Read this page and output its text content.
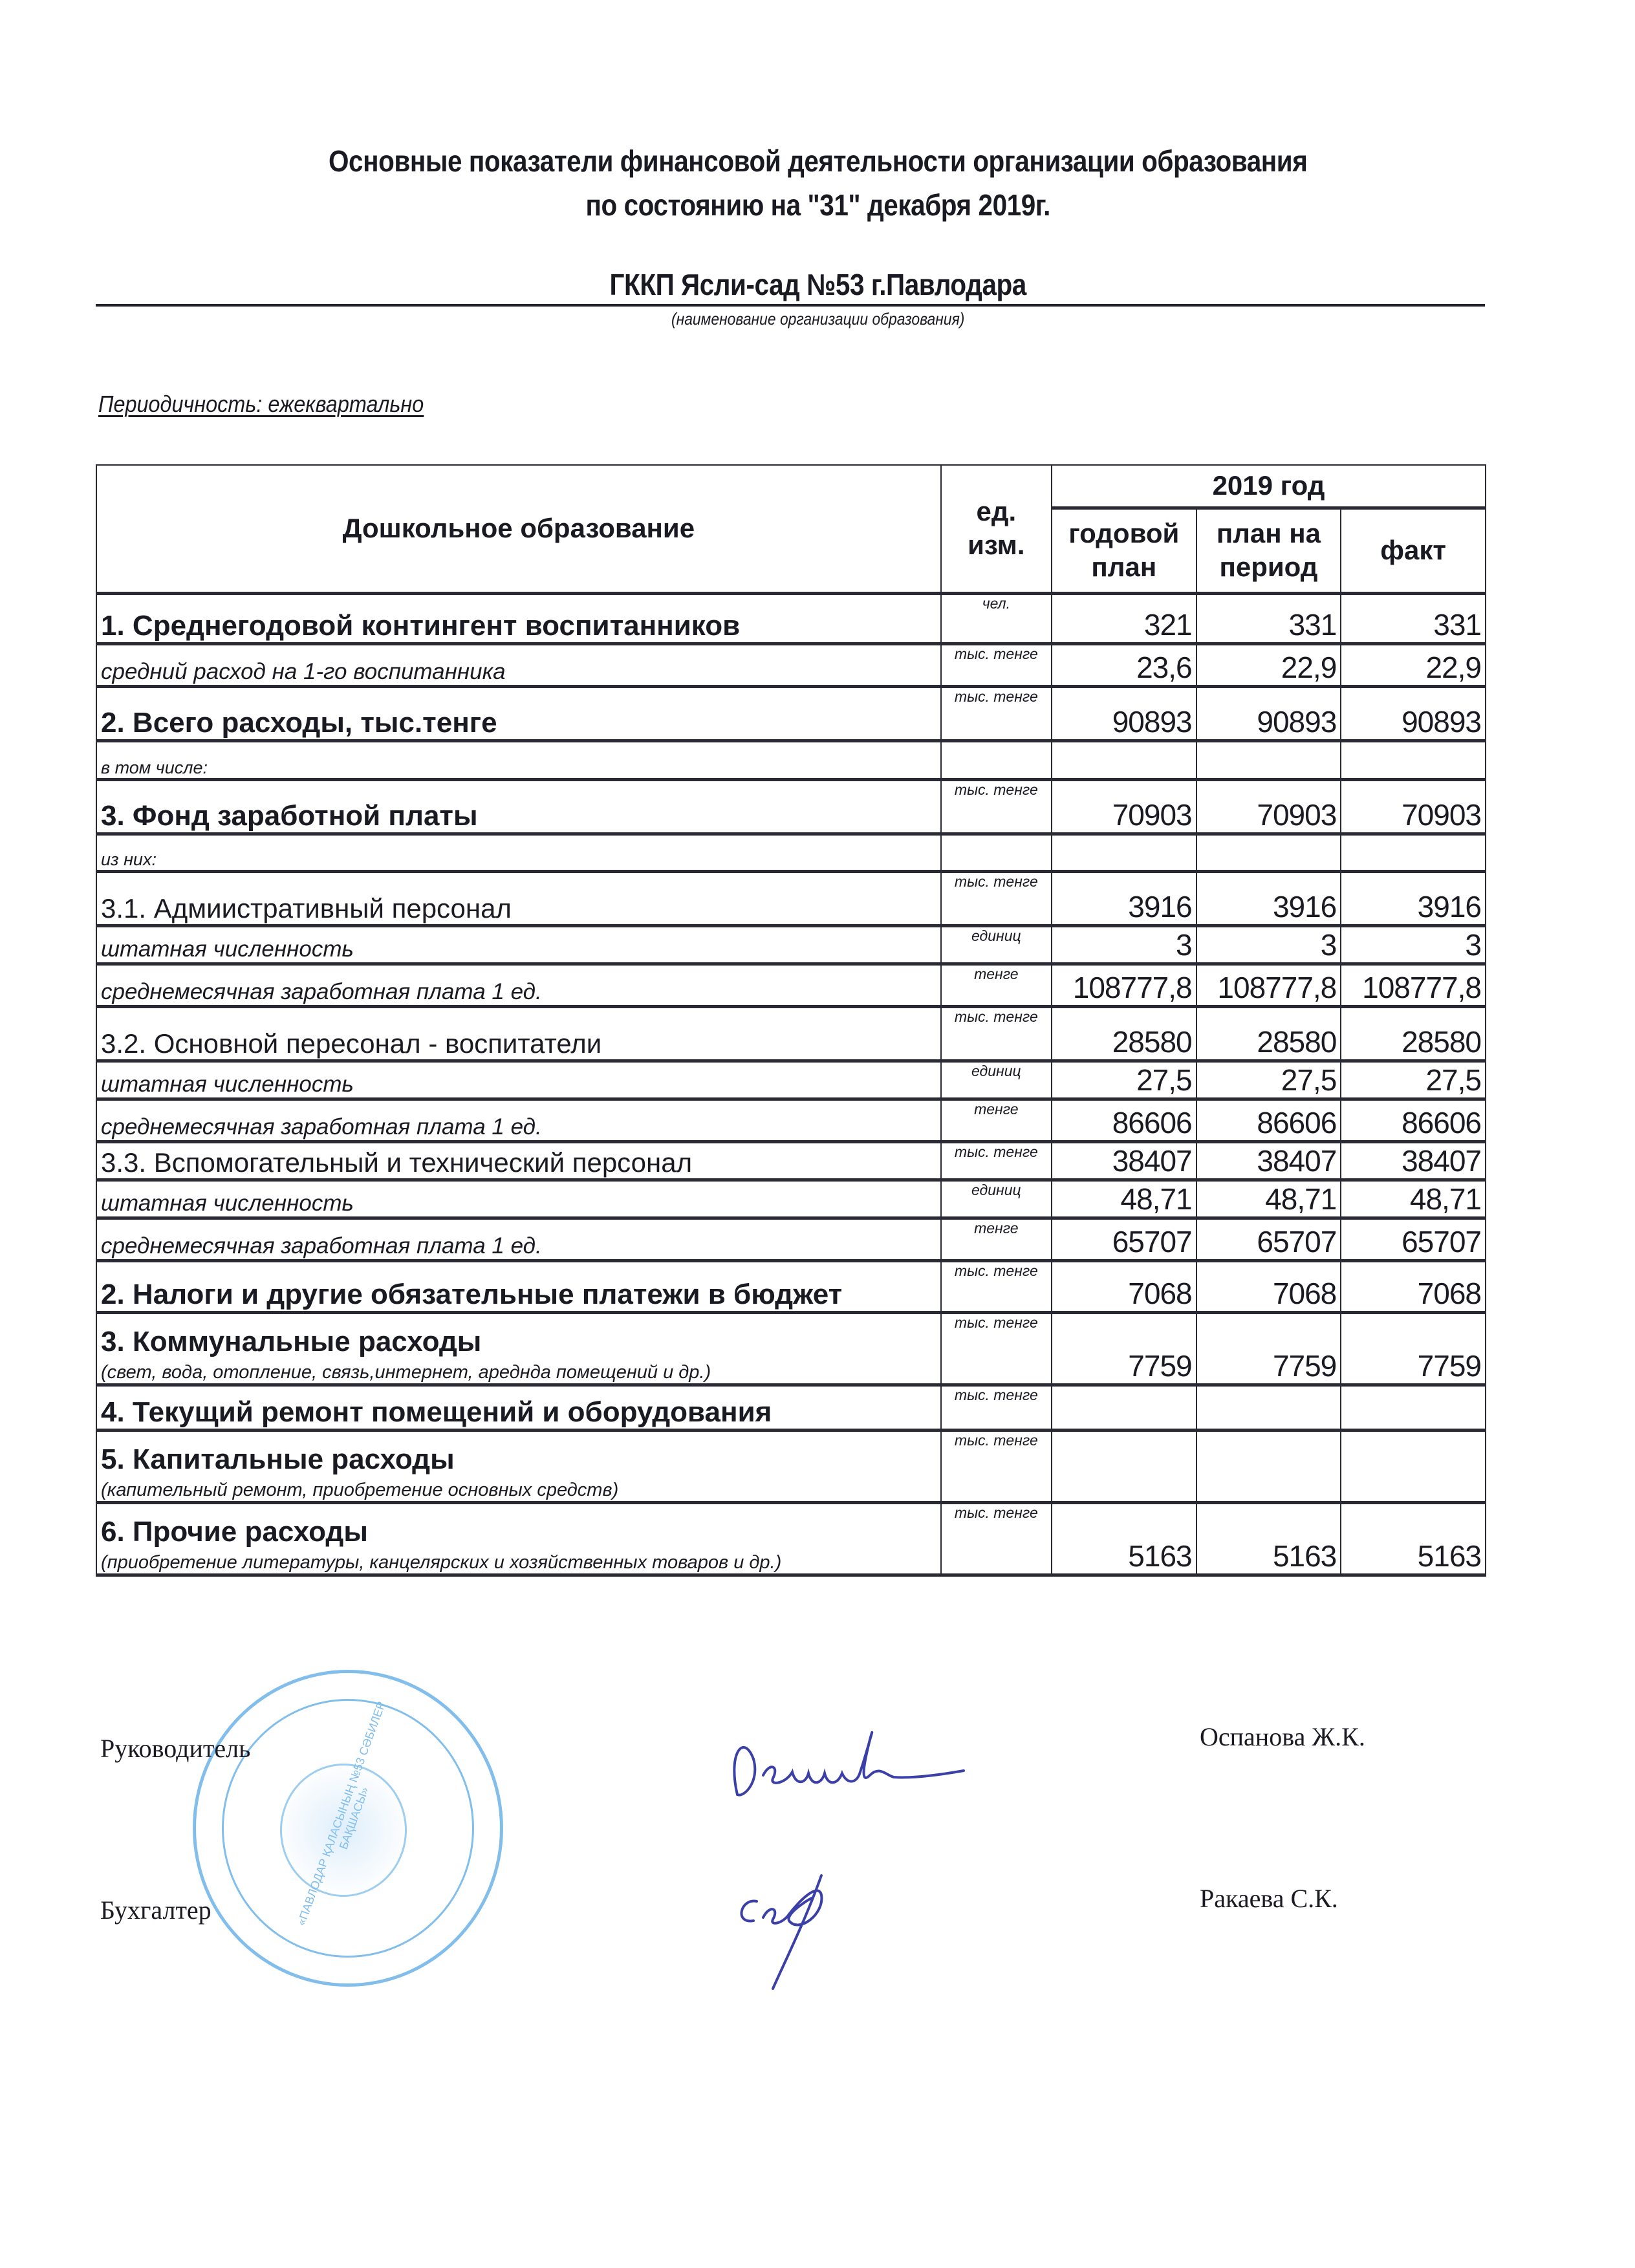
Основные показатели финансовой деятельности организации образования
по состоянию на "31" декабря 2019г.
ГККП Ясли-сад №53 г.Павлодара
(наименование организации образования)
Периодичность: ежеквартально
Дошкольное образование	ед. изм.	2019 год		
		годовой план	план на период	факт
1. Среднегодовой контингент воспитанников	чел.	321	331	331
средний расход на 1-го воспитанника	тыс. тенге	23,6	22,9	22,9
2. Всего расходы, тыс.тенге	тыс. тенге	90893	90893	90893
в том числе:				
3. Фонд заработной платы	тыс. тенге	70903	70903	70903
из них:				
3.1. Адмиистративный персонал	тыс. тенге	3916	3916	3916
штатная численность	единиц	3	3	3
среднемесячная заработная плата 1 ед.	тенге	108777,8	108777,8	108777,8
3.2. Основной пересонал - воспитатели	тыс. тенге	28580	28580	28580
штатная численность	единиц	27,5	27,5	27,5
среднемесячная заработная плата 1 ед.	тенге	86606	86606	86606
3.3. Вспомогательный и технический персонал	тыс. тенге	38407	38407	38407
штатная численность	единиц	48,71	48,71	48,71
среднемесячная заработная плата 1 ед.	тенге	65707	65707	65707
2. Налоги и другие обязательные платежи в бюджет	тыс. тенге	7068	7068	7068
3. Коммунальные расходы
(свет, вода, отопление, связь,интернет, ареднда помещений и др.)	тыс. тенге	7759	7759	7759
4. Текущий ремонт помещений и оборудования	тыс. тенге			
5. Капитальные расходы
(капительный ремонт, приобретение основных средств)	тыс. тенге			
6. Прочие расходы
(приобретение литературы, канцелярских и хозяйственных товаров и др.)	тыс. тенге	5163	5163	5163
«ПАВЛОДАР ҚАЛАСЫНЫҢ №53 СӘБИЛЕР БАҚШАСЫ»
Руководитель	Оспанова Ж.К.
Бухгалтер	Ракаева С.К.
